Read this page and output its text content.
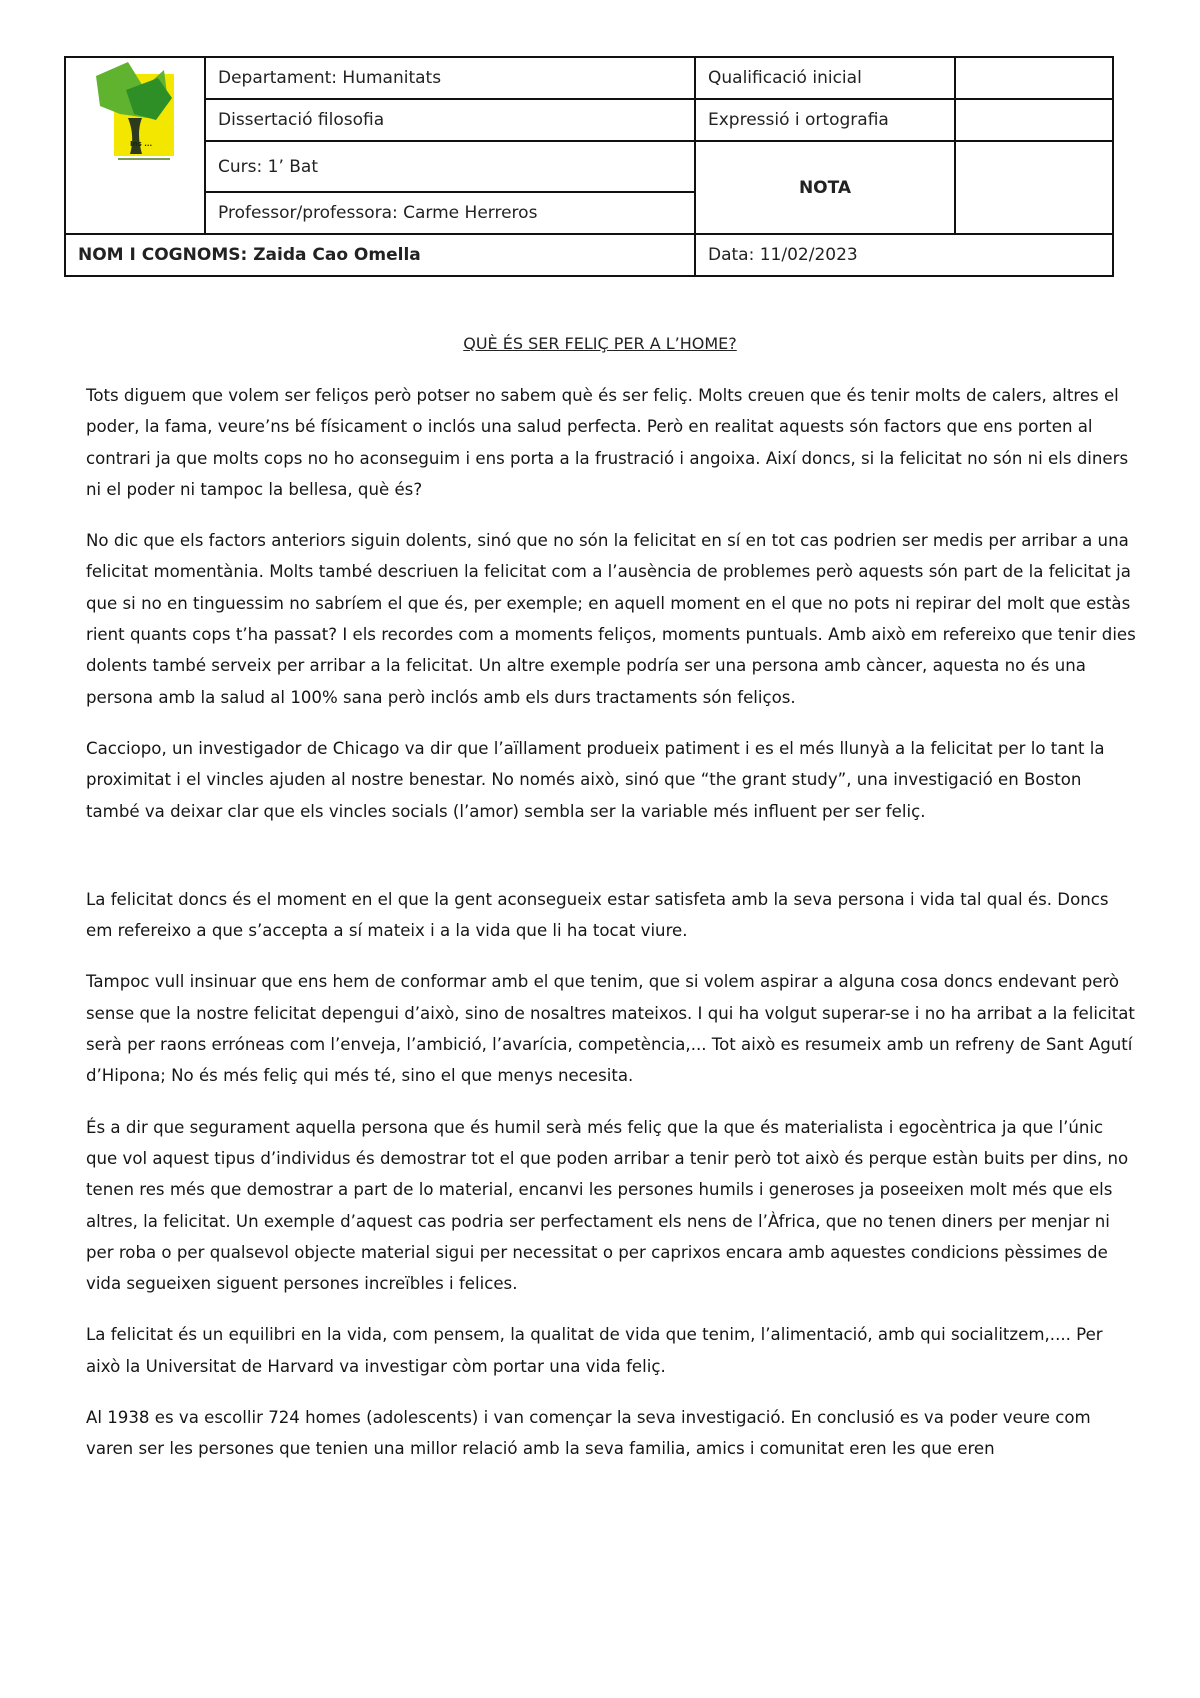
Ins ...	Departament: Humanitats	Qualificació inicial	
	Dissertació filosofia	Expressió i ortografia	
	Curs: 1’ Bat	NOTA	
	Professor/professora: Carme Herreros		
NOM I COGNOMS: Zaida Cao Omella		Data: 11/02/2023	
QUÈ ÉS SER FELIÇ PER A L’HOME?

Tots diguem que volem ser feliços però potser no sabem què és ser feliç. Molts creuen que és tenir molts de calers, altres el poder, la fama, veure’ns bé físicament o inclós una salud perfecta. Però en realitat aquests són factors que ens porten al contrari ja que molts cops no ho aconseguim i ens porta a la frustració i angoixa. Així doncs, si la felicitat no són ni els diners ni el poder ni tampoc la bellesa, què és?

No dic que els factors anteriors siguin dolents, sinó que no són la felicitat en sí en tot cas podrien ser medis per arribar a una felicitat momentània. Molts també descriuen la felicitat com a l’ausència de problemes però aquests són part de la felicitat ja que si no en tinguessim no sabríem el que és, per exemple; en aquell moment en el que no pots ni repirar del molt que estàs rient quants cops t’ha passat? I els recordes com a moments feliços, moments puntuals. Amb això em refereixo que tenir dies dolents també serveix per arribar a la felicitat. Un altre exemple podría ser una persona amb càncer, aquesta no és una persona amb la salud al 100% sana però inclós amb els durs tractaments són feliços.

Cacciopo, un investigador de Chicago va dir que l’aïllament produeix patiment i es el més llunyà a la felicitat per lo tant la proximitat i el vincles ajuden al nostre benestar. No només això, sinó que “the grant study”, una investigació en Boston també va deixar clar que els vincles socials (l’amor) sembla ser la variable més influent per ser feliç.

La felicitat doncs és el moment en el que la gent aconsegueix estar satisfeta amb la seva persona i vida tal qual és. Doncs em refereixo a que s’accepta a sí mateix i a la vida que li ha tocat viure.

Tampoc vull insinuar que ens hem de conformar amb el que tenim, que si volem aspirar a alguna cosa doncs endevant però sense que la nostre felicitat depengui d’això, sino de nosaltres mateixos. I qui ha volgut superar-se i no ha arribat a la felicitat serà per raons erróneas com l’enveja, l’ambició, l’avarícia, competència,... Tot això es resumeix amb un refreny de Sant Agutí d’Hipona; No és més feliç qui més té, sino el que menys necesita.

És a dir que segurament aquella persona que és humil serà més feliç que la que és materialista i egocèntrica ja que l’únic que vol aquest tipus d’individus és demostrar tot el que poden arribar a tenir però tot això és perque estàn buits per dins, no tenen res més que demostrar a part de lo material, encanvi les persones humils i generoses ja poseeixen molt més que els altres, la felicitat. Un exemple d’aquest cas podria ser perfectament els nens de l’Àfrica, que no tenen diners per menjar ni per roba o per qualsevol objecte material sigui per necessitat o per caprixos encara amb aquestes condicions pèssimes de vida segueixen siguent persones increïbles i felices.

La felicitat és un equilibri en la vida, com pensem, la qualitat de vida que tenim, l’alimentació, amb qui socialitzem,.... Per això la Universitat de Harvard va investigar còm portar una vida feliç.

Al 1938 es va escollir 724 homes (adolescents) i van començar la seva investigació. En conclusió es va poder veure com varen ser les persones que tenien una millor relació amb la seva familia, amics i comunitat eren les que eren
